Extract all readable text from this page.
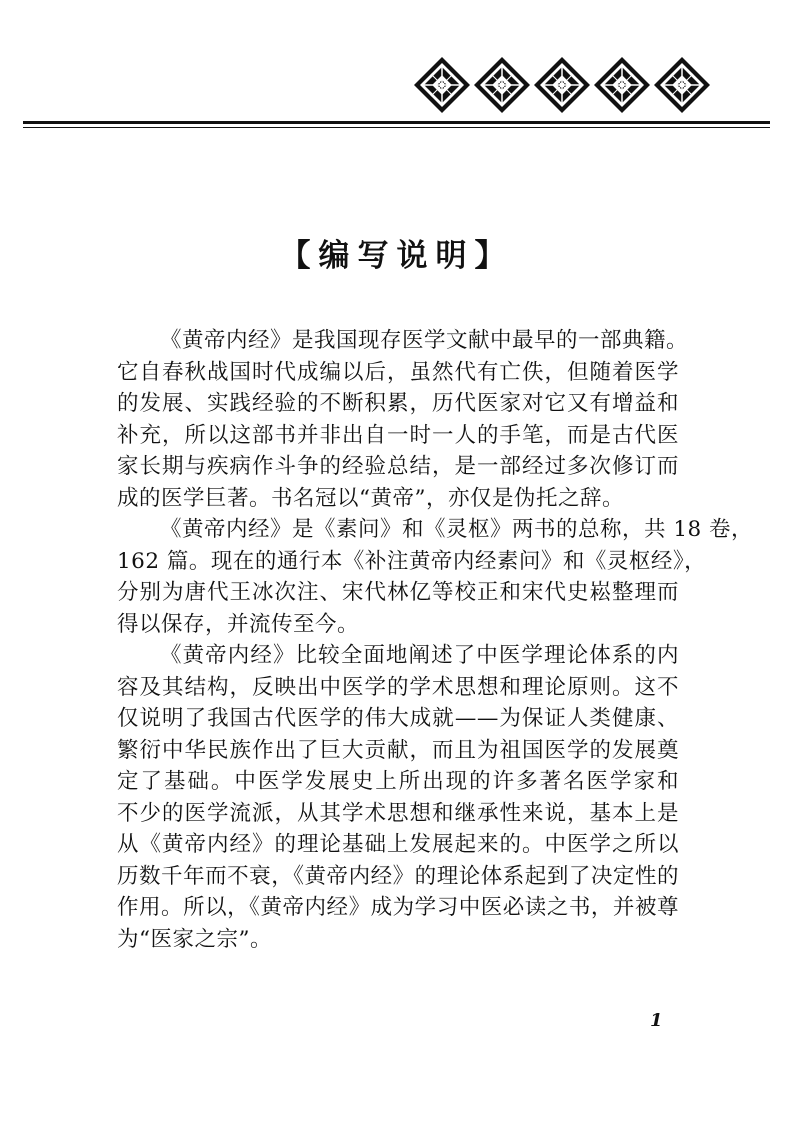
【编写说明】
《黄帝内经》是我国现存医学文献中最早的一部典籍。
它自春秋战国时代成编以后，虽然代有亡佚，但随着医学
的发展、实践经验的不断积累，历代医家对它又有增益和
补充，所以这部书并非出自一时一人的手笔，而是古代医
家长期与疾病作斗争的经验总结，是一部经过多次修订而
成的医学巨著。书名冠以“黄帝”，亦仅是伪托之辞。
《黄帝内经》是《素问》和《灵枢》两书的总称，共 18 卷，
162 篇。现在的通行本《补注黄帝内经素问》和《灵枢经》，
分别为唐代王冰次注、宋代林亿等校正和宋代史崧整理而
得以保存，并流传至今。
《黄帝内经》比较全面地阐述了中医学理论体系的内
容及其结构，反映出中医学的学术思想和理论原则。这不
仅说明了我国古代医学的伟大成就——为保证人类健康、
繁衍中华民族作出了巨大贡献，而且为祖国医学的发展奠
定了基础。中医学发展史上所出现的许多著名医学家和
不少的医学流派，从其学术思想和继承性来说，基本上是
从《黄帝内经》的理论基础上发展起来的。中医学之所以
历数千年而不衰，《黄帝内经》的理论体系起到了决定性的
作用。所以，《黄帝内经》成为学习中医必读之书，并被尊
为“医家之宗”。
1
